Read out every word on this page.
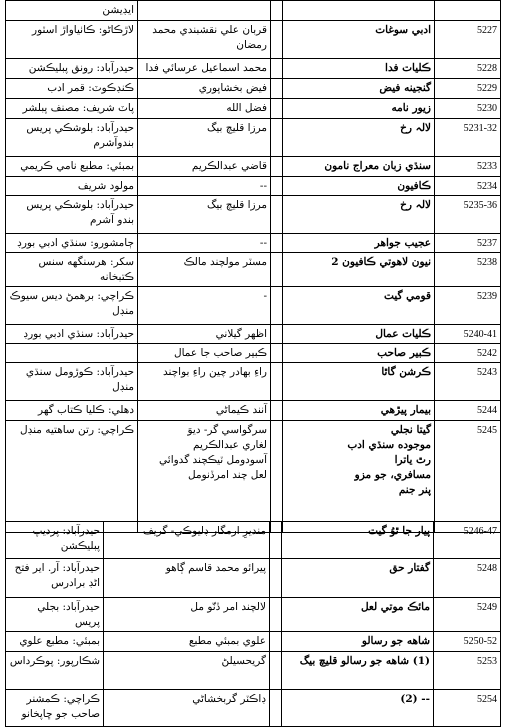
ايڊيشن				

لاڙڪاڻو: ڪاٺياواڙ اسٽور	قربان علي نقشبندي محمد رمضان		ادبي سوغات	5227

حيدرآباد: رونق پبليڪشن	محمد اسماعيل عرسائي فدا		ڪليات فدا	5228

ڪنڊڪوٽ: قمر ادب	فيض بخشاپوري		گنجينه فيض	5229

پاٽ شريف: مصنف پبلشر	فضل الله		زيور نامه	5230

حيدرآباد: بلوشڪي پريس بندوآشرم	مرزا قليچ بيگ		لالہ رخ	5231-32

بمبئي: مطبع نامي ڪريمي	قاضي عبدالڪريم		سنڌي زبان معراج نامون	5233

مولود شريف	--		ڪافيون	5234

حيدرآباد: بلوشڪي پريس بندو آشرم	مرزا قليچ بيگ		لالہ رخ	5235-36

ڄامشورو: سنڌي ادبي بورڊ	--		عجيب جواهر	5237

سکر: هرسنگهه سنس ڪتبخانه	مسٽر مولچند مالڪ		نيون لاهوتي ڪافيون 2	5238

ڪراچي: برهمڻ ديس سيوڪ منڊل	-		قومي گيت	5239

حيدرآباد: سنڌي ادبي بورڊ	اظهر گيلاني		ڪليات عمال	5240-41

	ڪبير صاحب جا عمال		ڪبير صاحب	5242

حيدرآباد: ڪوڙومل سنڌي منڊل	راءِ بهادر چين راءِ بواچند		ڪرشن گاٿا	5243

دهلي: ڪليا ڪتاب گهر	آنند ڪيماڻي		بيمار پيڙهي	5244

ڪراچي: رتن ساهتيه منڊل	سرگواسي گر- ديوَ
لغاري عبدالڪريم
آسودومل ٽيڪچند گدوائي
لعل چند امرڏنومل		گيتا نجلي
موجوده سنڌي ادب
رٿ ياترا
مسافري، جو مزو
پنر جنم	5245
حيدرآباد: پرديپ پبليڪشن	منديرِ ارمگار ڊليوڪي- گريف		پيار جا ٿوُ گيت	5246-47

حيدرآباد: آر. اير فتح اڻڊ برادرس	پيرائو محمد قاسم ڳاهو		گفتار حق	5248

حيدرآباد: بجلي پريس	لالچند امر ڏنّو مل		مائڪ موتي لعل	5249

بمبئي: مطبع علوي	علوي بمبئي مطبع		شاهه جو رسالو	5250-52

شڪارپور: پوڪرداس	گريحسيلڻ		(1) شاهه جو رسالو قليچ بيگ	5253

ڪراچي: ڪمشنر صاحب جو ڇاپخانو	ڊاڪٽر گربخشاڻي		-- (2)	5254
